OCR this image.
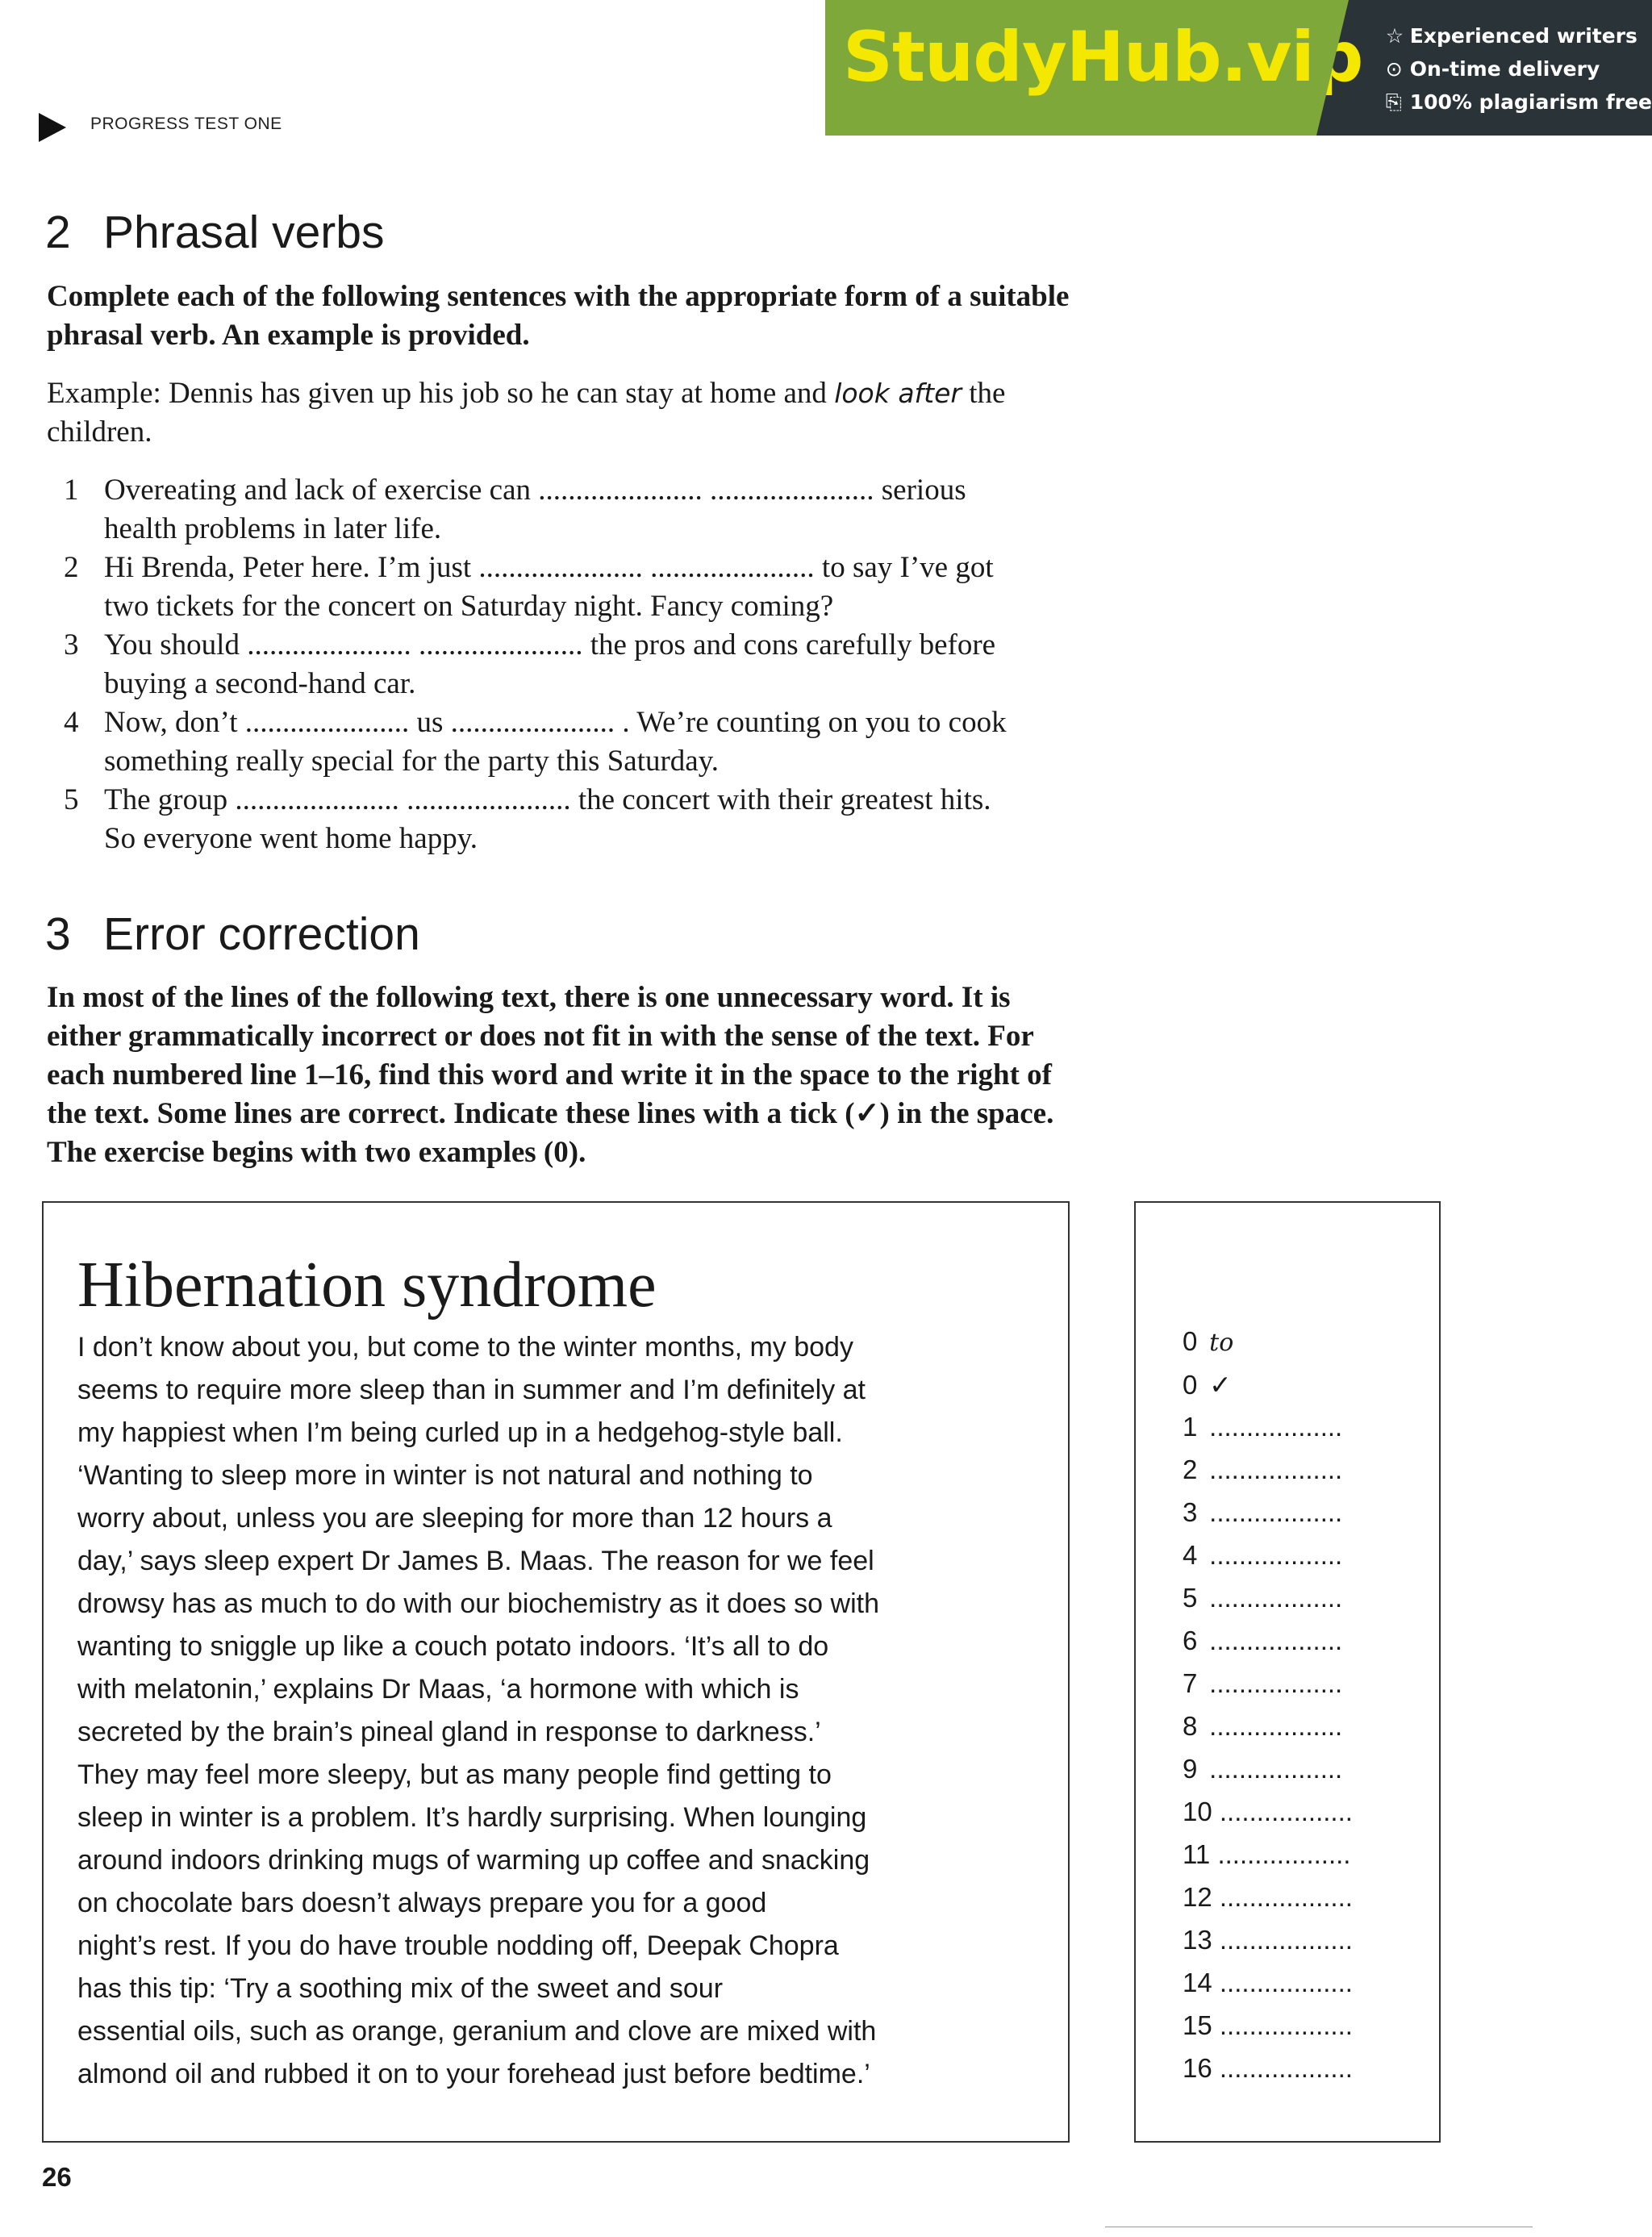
PROGRESS TEST ONE
StudyHub.vip ☆ Experienced writers
⊙ On-time delivery
⎘ 100% plagiarism free
2 Phrasal verbs
Complete each of the following sentences with the appropriate form of a suitable phrasal verb. An example is provided.
Example: Dennis has given up his job so he can stay at home and look after the children.
1 Overeating and lack of exercise can ...................... ...................... serious
health problems in later life.
2 Hi Brenda, Peter here. I’m just ...................... ...................... to say I’ve got
two tickets for the concert on Saturday night. Fancy coming?
3 You should ...................... ...................... the pros and cons carefully before
buying a second-hand car.
4 Now, don’t ...................... us ...................... . We’re counting on you to cook
something really special for the party this Saturday.
5 The group ...................... ...................... the concert with their greatest hits.
So everyone went home happy.
3 Error correction
In most of the lines of the following text, there is one unnecessary word. It is either grammatically incorrect or does not fit in with the sense of the text. For each numbered line 1–16, find this word and write it in the space to the right of the text. Some lines are correct. Indicate these lines with a tick (✓) in the space. The exercise begins with two examples (0).
Hibernation syndrome
I don’t know about you, but come to the winter months, my body
seems to require more sleep than in summer and I’m definitely at
my happiest when I’m being curled up in a hedgehog-style ball.
‘Wanting to sleep more in winter is not natural and nothing to
worry about, unless you are sleeping for more than 12 hours a
day,’ says sleep expert Dr James B. Maas. The reason for we feel
drowsy has as much to do with our biochemistry as it does so with
wanting to sniggle up like a couch potato indoors. ‘It’s all to do
with melatonin,’ explains Dr Maas, ‘a hormone with which is
secreted by the brain’s pineal gland in response to darkness.’
They may feel more sleepy, but as many people find getting to
sleep in winter is a problem. It’s hardly surprising. When lounging
around indoors drinking mugs of warming up coffee and snacking
on chocolate bars doesn’t always prepare you for a good
night’s rest. If you do have trouble nodding off, Deepak Chopra
has this tip: ‘Try a soothing mix of the sweet and sour
essential oils, such as orange, geranium and clove are mixed with
almond oil and rubbed it on to your forehead just before bedtime.’
0 to
0 ✓
1 ..................
2 ..................
3 ..................
4 ..................
5 ..................
6 ..................
7 ..................
8 ..................
9 ..................
10 ..................
11 ..................
12 ..................
13 ..................
14 ..................
15 ..................
16 ..................
26
